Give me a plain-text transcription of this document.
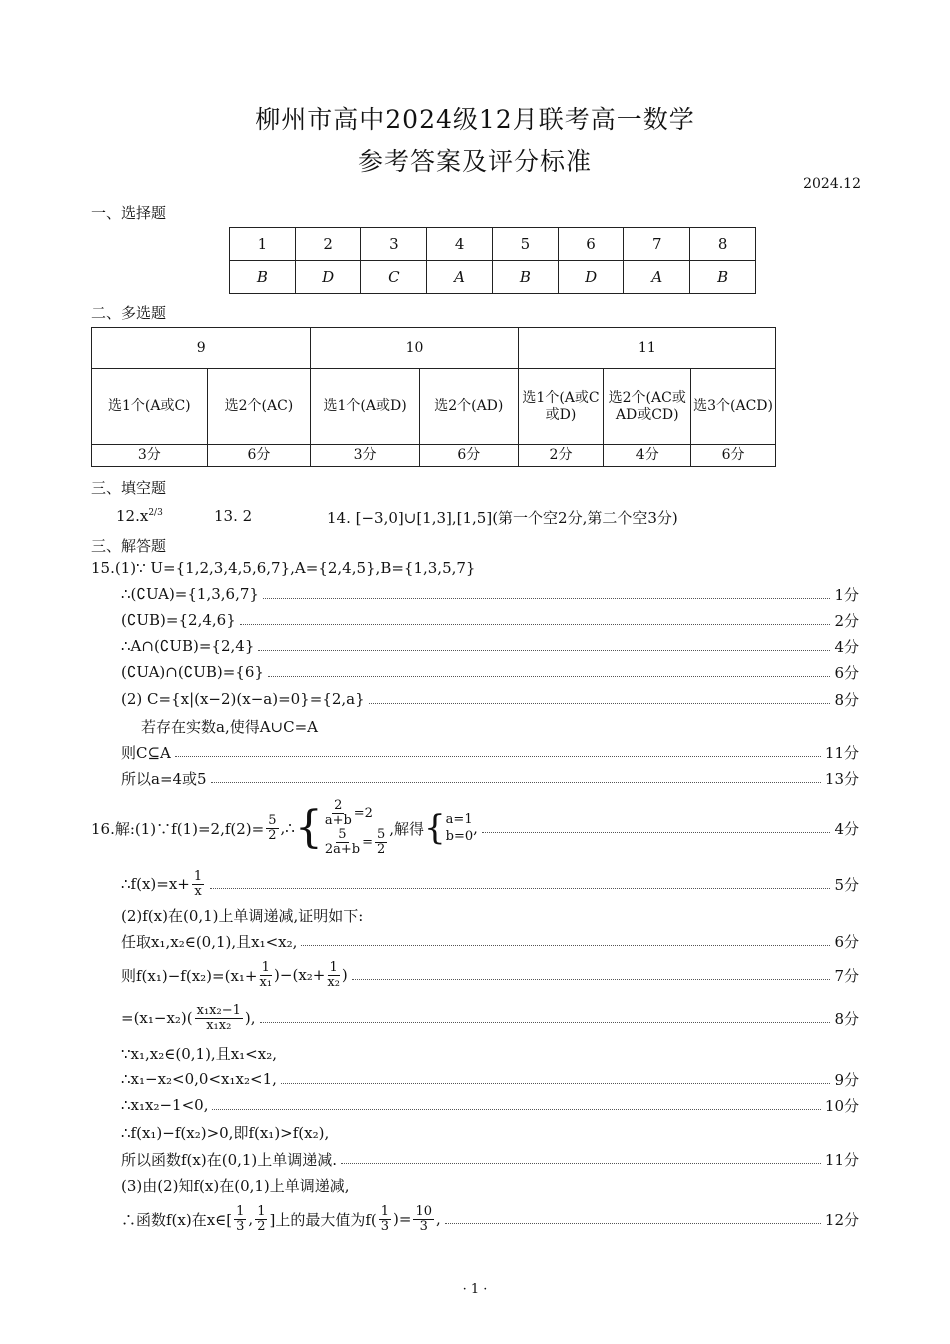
柳州市高中2024级12月联考高一数学
参考答案及评分标准
2024.12
一、选择题
1	2	3	4	5	6	7	8
B	D	C	A	B	D	A	B
二、多选题
9		10		11		
选1个(A或C)	选2个(AC)	选1个(A或D)	选2个(AD)	选1个(A或C或D)	选2个(AC或AD或CD)	选3个(ACD)
3分	6分	3分	6分	2分	4分	6分
三、填空题
$12.x^{2/3}$	13. 2	14. [−3,0]∪[1,3],[1,5](第一个空2分,第二个空3分)
三、解答题
15.(1)∵ U={1,2,3,4,5,6,7},A={2,4,5},B={1,3,5,7}
∴(∁UA)={1,3,6,7}	1分
(∁UB)={2,4,6}	2分
∴A∩(∁UB)={2,4}	4分
(∁UA)∩(∁UB)={6}	6分
(2) C={x|(x−2)(x−a)=0}={2,a}	8分
若存在实数a,使得A∪C=A
则C⊆A	11分
所以a=4或5	13分
16.解:(1)∵f(1)=2,f(2)= $\frac{5}{2}$ ,∴ { $\frac{2}{a+b} =2$
$\frac{5}{2a+b} = \frac{5}{2}$ ,解得 { a=1
b=0 ,	4分
∴f(x)=x+ $\frac{1}{x}$	5分
(2)f(x)在(0,1)上单调递减,证明如下:
任取x₁,x₂∈(0,1),且x₁<x₂,	6分
则$f(x_1)-f(x_2)=(x_1+ \frac{1}{\text{x₁}} )-(x_2+ \frac{1}{\text{x₂}}$ )	7分
$=(x_1-x_2)( \frac{\text{x₁x₂−1}}{\text{x₁x₂}}$ ),	8分
∵x₁,x₂∈(0,1),且x₁<x₂,
∴x₁−x₂<0,0<x₁x₂<1,	9分
∴x₁x₂−1<0,	10分
∴f(x₁)−f(x₂)>0,即f(x₁)>f(x₂),
所以函数f(x)在(0,1)上单调递减.	11分
(3)由(2)知f(x)在(0,1)上单调递减,
∴函数f(x)在x∈[ $\frac{1}{3}$ , $\frac{1}{2}$ ]上的最大值为$f( \frac{1}{3}$ )= $\frac{10}{3}$ ,	12分
· 1 ·
